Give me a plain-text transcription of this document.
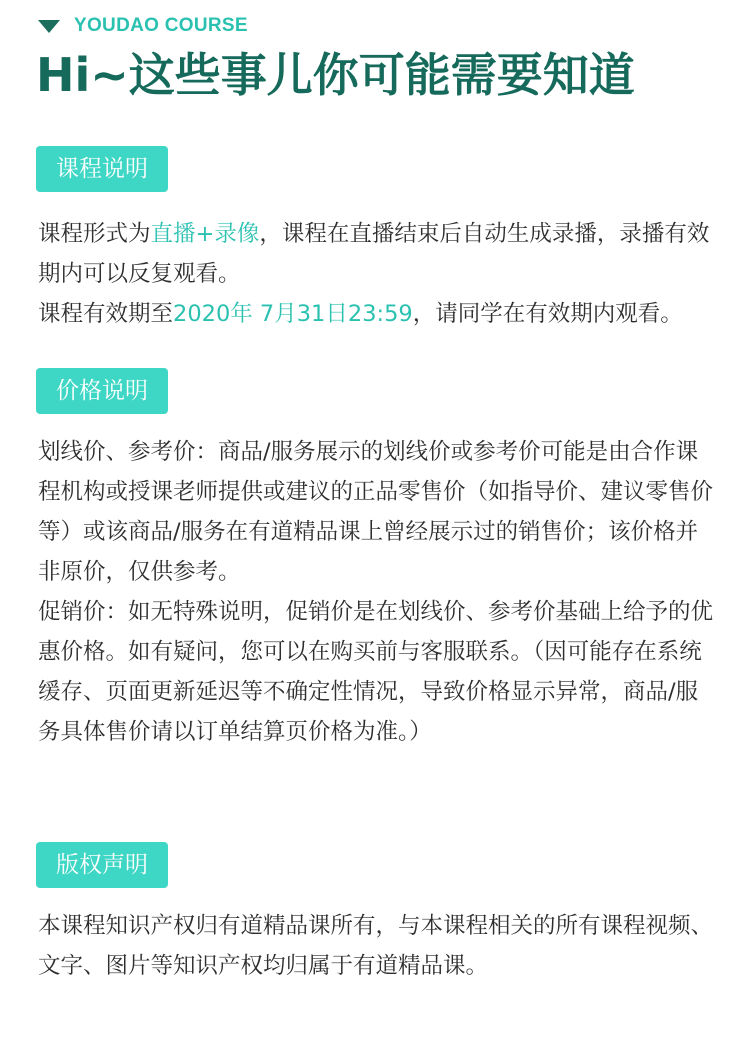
YOUDAO COURSE
Hi~这些事儿你可能需要知道
课程说明

课程形式为直播+录像，课程在直播结束后自动生成录播，录播有效期内可以反复观看。

课程有效期至2020年 7月31日23:59，请同学在有效期内观看。

价格说明

划线价、参考价：商品/服务展示的划线价或参考价可能是由合作课程机构或授课老师提供或建议的正品零售价（如指导价、建议零售价等）或该商品/服务在有道精品课上曾经展示过的销售价；该价格并非原价，仅供参考。

促销价：如无特殊说明，促销价是在划线价、参考价基础上给予的优惠价格。如有疑问，您可以在购买前与客服联系。（因可能存在系统缓存、页面更新延迟等不确定性情况，导致价格显示异常，商品/服务具体售价请以订单结算页价格为准。）

版权声明

本课程知识产权归有道精品课所有，与本课程相关的所有课程视频、文字、图片等知识产权均归属于有道精品课。
